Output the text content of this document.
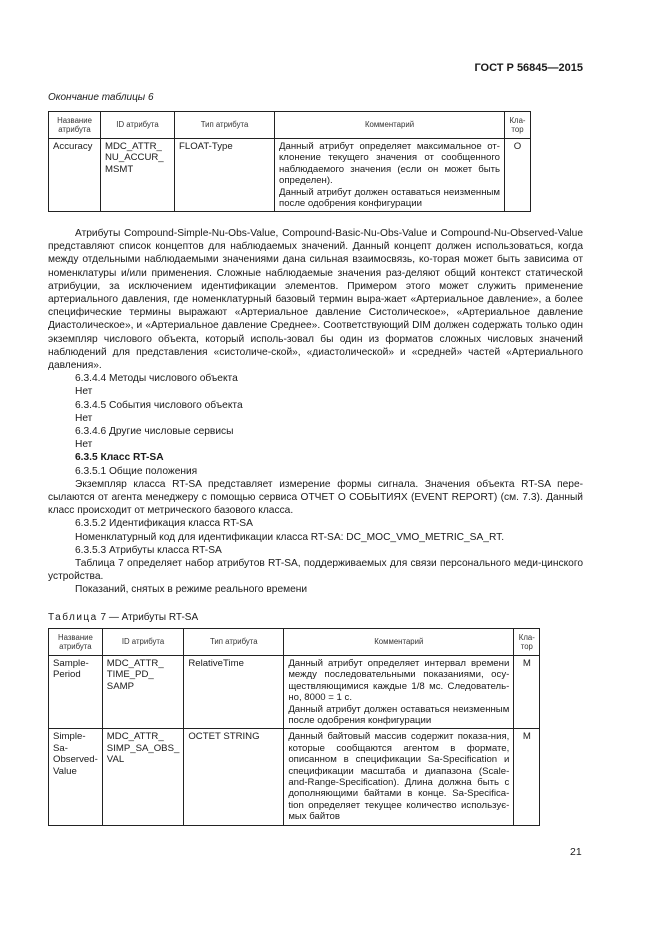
ГОСТ Р 56845—2015
Окончание таблицы 6
Название атрибута	ID атрибута	Тип атрибута	Комментарий	Клa-тор
Accuracy	MDC_ATTR_ NU_ACCUR_ MSMT	FLOAT-Type	Данный атрибут определяет максимальное от-клонение текущего значения от сообщенного наблюдаемого значения (если он может быть определен).
Данный атрибут должен оставаться неизменным после одобрения конфигурации	O

Атрибуты Compound-Simple-Nu-Obs-Value, Compound-Basic-Nu-Obs-Value и Compound-Nu-Observed-Value представляют список концептов для наблюдаемых значений. Данный концепт должен использоваться, когда между отдельными наблюдаемыми значениями дана сильная взаимосвязь, ко-торая может быть зависима от номенклатуры и/или применения. Сложные наблюдаемые значения раз-деляют общий контекст статической атрибуции, за исключением идентификации элементов. Примером этого может служить применение артериального давления, где номенклатурный базовый термин выра-жает «Артериальное давление», а более специфические термины выражают «Артериальное давление Систолическое», «Артериальное давление Диастолическое», и «Артериальное давление Среднее». Соответствующий DIM должен содержать только один экземпляр числового объекта, который исполь-зовал бы один из форматов сложных числовых значений наблюдений для представления «систоличе-ской», «диастолической» и «средней» частей «Артериального давления».

6.3.4.4 Методы числового объекта

Нет

6.3.4.5 События числового объекта

Нет

6.3.4.6 Другие числовые сервисы

Нет

6.3.5 Класс RT-SA

6.3.5.1 Общие положения

Экземпляр класса RT-SA представляет измерение формы сигнала. Значения объекта RT-SA пере-сылаются от агента менеджеру с помощью сервиса ОТЧЕТ О СОБЫТИЯХ (EVENT REPORT) (см. 7.3). Данный класс происходит от метрического базового класса.

6.3.5.2 Идентификация класса RT-SA

Номенклатурный код для идентификации класса RT-SA: DC_MOC_VMO_METRIC_SA_RT.

6.3.5.3 Атрибуты класса RT-SA

Таблица 7 определяет набор атрибутов RT-SA, поддерживаемых для связи персонального меди-цинского устройства.

Показаний, снятых в режиме реального времени

Таблица 7 — Атрибуты RT-SA
Название атрибута	ID атрибута	Тип атрибута	Комментарий	Кла-тор
Sample-Period	MDC_ATTR_ TIME_PD_ SAMP	RelativeTime	Данный атрибут определяет интервал времени между последовательными показаниями, осу-ществляющимися каждые 1/8 мс. Следователь-но, 8000 = 1 с.
Данный атрибут должен оставаться неизменным после одобрения конфигурации	M
Simple-Sa-Observed-Value	MDC_ATTR_ SIMP_SA_OBS_ VAL	OCTET STRING	Данный байтовый массив содержит показа-ния, которые сообщаются агентом в формате, описанном в спецификации Sa-Specification и спецификации масштаба и диапазона (Scale-and-Range-Specification). Длина должна быть с дополняющими байтами в конце. Sa-Specifica-tion определяет текущее количество использує-мых байтов	M
21
